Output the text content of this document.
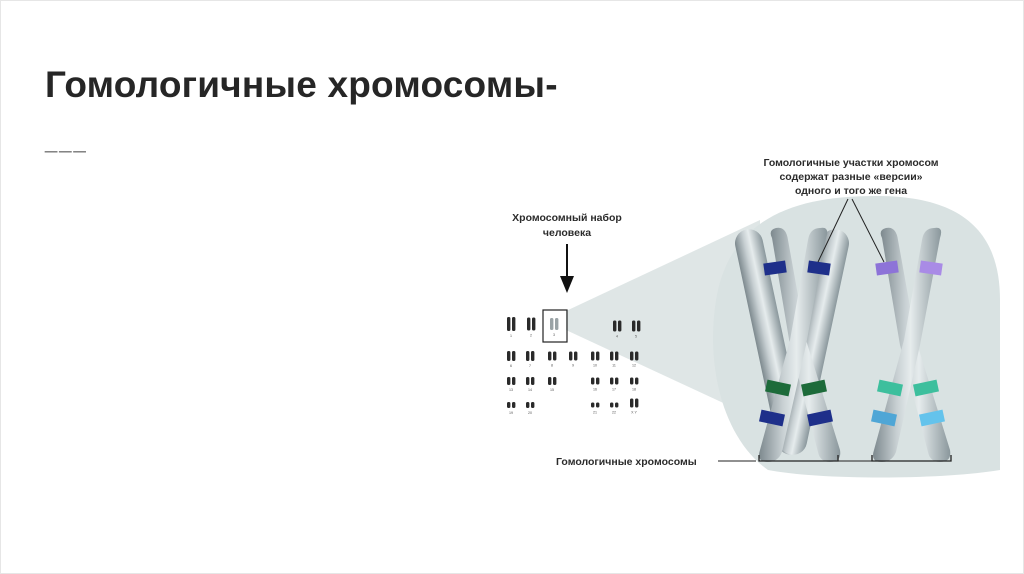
Гомологичные хромосомы-
___
Гомологичные участки хромосом
содержат разные «версии»
одного и того же гена
Хромосомный набор
человека
1	2	3	4	5
6	7	8	9	10	11	12
13	14	15	16	17	18
19	20	21	22	X Y
Гомологичные хромосомы
